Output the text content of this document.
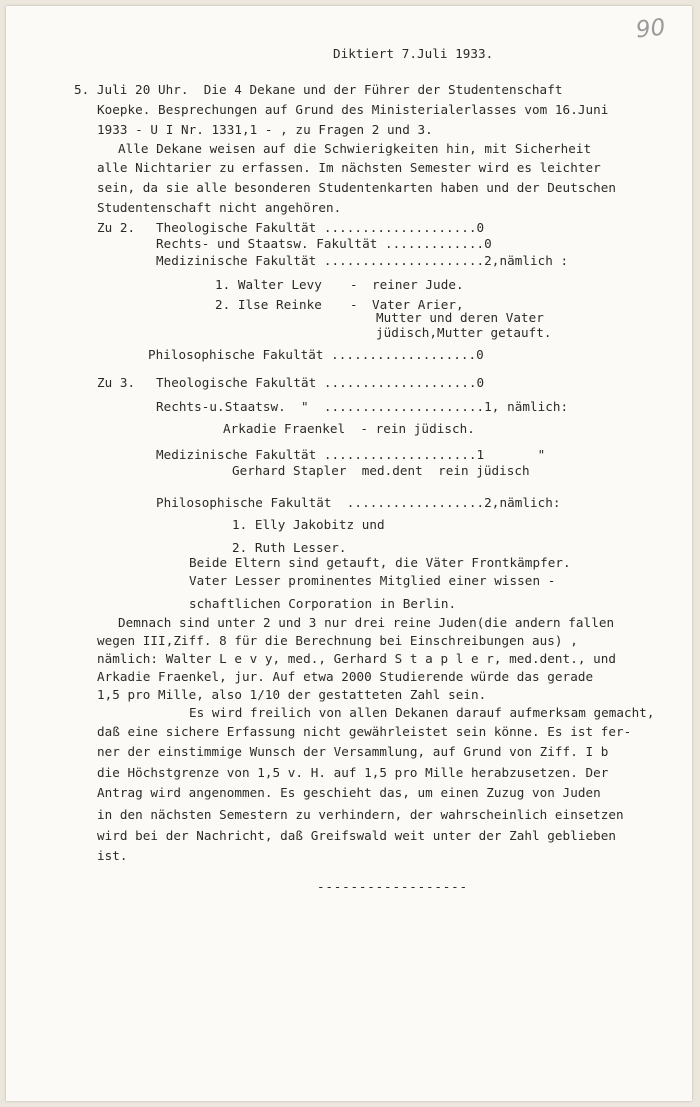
90
Diktiert 7.Juli 1933.
5. Juli 20 Uhr.  Die 4 Dekane und der Führer der Studentenschaft
Koepke. Besprechungen auf Grund des Ministerialerlasses vom 16.Juni
1933 - U I Nr. 1331,1 - , zu Fragen 2 und 3.
Alle Dekane weisen auf die Schwierigkeiten hin, mit Sicherheit
alle Nichtarier zu erfassen. Im nächsten Semester wird es leichter
sein, da sie alle besonderen Studentenkarten haben und der Deutschen
Studentenschaft nicht angehören.
Zu 2. Theologische Fakultät ....................0
Rechts- und Staatsw. Fakultät .............0
Medizinische Fakultät .....................2,nämlich :
1. Walter Levy - reiner Jude.
2. Ilse Reinke - Vater Arier,
Mutter und deren Vater
jüdisch,Mutter getauft.
Philosophische Fakultät ...................0
Zu 3. Theologische Fakultät ....................0
Rechts-u.Staatsw.  "  .....................1, nämlich:
Arkadie Fraenkel  - rein jüdisch.
Medizinische Fakultät ....................1       "
Gerhard Stapler  med.dent  rein jüdisch
Philosophische Fakultät  ..................2,nämlich:
1. Elly Jakobitz und
2. Ruth Lesser.
Beide Eltern sind getauft, die Väter Frontkämpfer.
Vater Lesser prominentes Mitglied einer wissen -
schaftlichen Corporation in Berlin.
Demnach sind unter 2 und 3 nur drei reine Juden(die andern fallen
wegen III,Ziff. 8 für die Berechnung bei Einschreibungen aus) ,
nämlich: Walter L e v y, med., Gerhard S t a p l e r, med.dent., und
Arkadie Fraenkel, jur. Auf etwa 2000 Studierende würde das gerade
1,5 pro Mille, also 1/10 der gestatteten Zahl sein.
Es wird freilich von allen Dekanen darauf aufmerksam gemacht,
daß eine sichere Erfassung nicht gewährleistet sein könne. Es ist fer-
ner der einstimmige Wunsch der Versammlung, auf Grund von Ziff. I b
die Höchstgrenze von 1,5 v. H. auf 1,5 pro Mille herabzusetzen. Der
Antrag wird angenommen. Es geschieht das, um einen Zuzug von Juden
in den nächsten Semestern zu verhindern, der wahrscheinlich einsetzen
wird bei der Nachricht, daß Greifswald weit unter der Zahl geblieben
ist.
------------------
